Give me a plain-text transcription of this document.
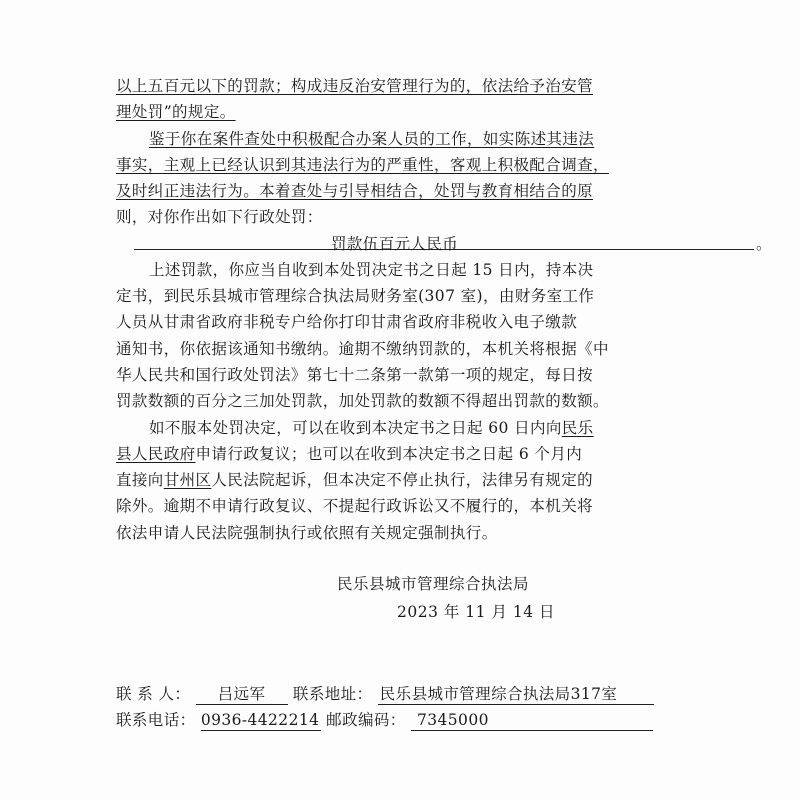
以上五百元以下的罚款；构成违反治安管理行为的，依法给予治安管
理处罚”的规定。
鉴于你在案件查处中积极配合办案人员的工作，如实陈述其违法
事实，主观上已经认识到其违法行为的严重性，客观上积极配合调查，
及时纠正违法行为。本着查处与引导相结合，处罚与教育相结合的原
则，对你作出如下行政处罚：
罚款伍百元人民币	。
上述罚款，你应当自收到本处罚决定书之日起 15 日内，持本决
定书，到民乐县城市管理综合执法局财务室(307 室)，由财务室工作
人员从甘肃省政府非税专户给你打印甘肃省政府非税收入电子缴款
通知书，你依据该通知书缴纳。逾期不缴纳罚款的，本机关将根据《中
华人民共和国行政处罚法》第七十二条第一款第一项的规定，每日按
罚款数额的百分之三加处罚款，加处罚款的数额不得超出罚款的数额。
如不服本处罚决定，可以在收到本决定书之日起 60 日内向民乐
县人民政府申请行政复议；也可以在收到本决定书之日起 6 个月内
直接向甘州区人民法院起诉，但本决定不停止执行，法律另有规定的
除外。逾期不申请行政复议、不提起行政诉讼又不履行的，本机关将
依法申请人民法院强制执行或依照有关规定强制执行。
民乐县城市管理综合执法局
2023 年 11 月 14 日
联 系 人： 吕远军 联系地址： 民乐县城市管理综合执法局317室
联系电话： 0936-4422214 邮政编码： 7345000
